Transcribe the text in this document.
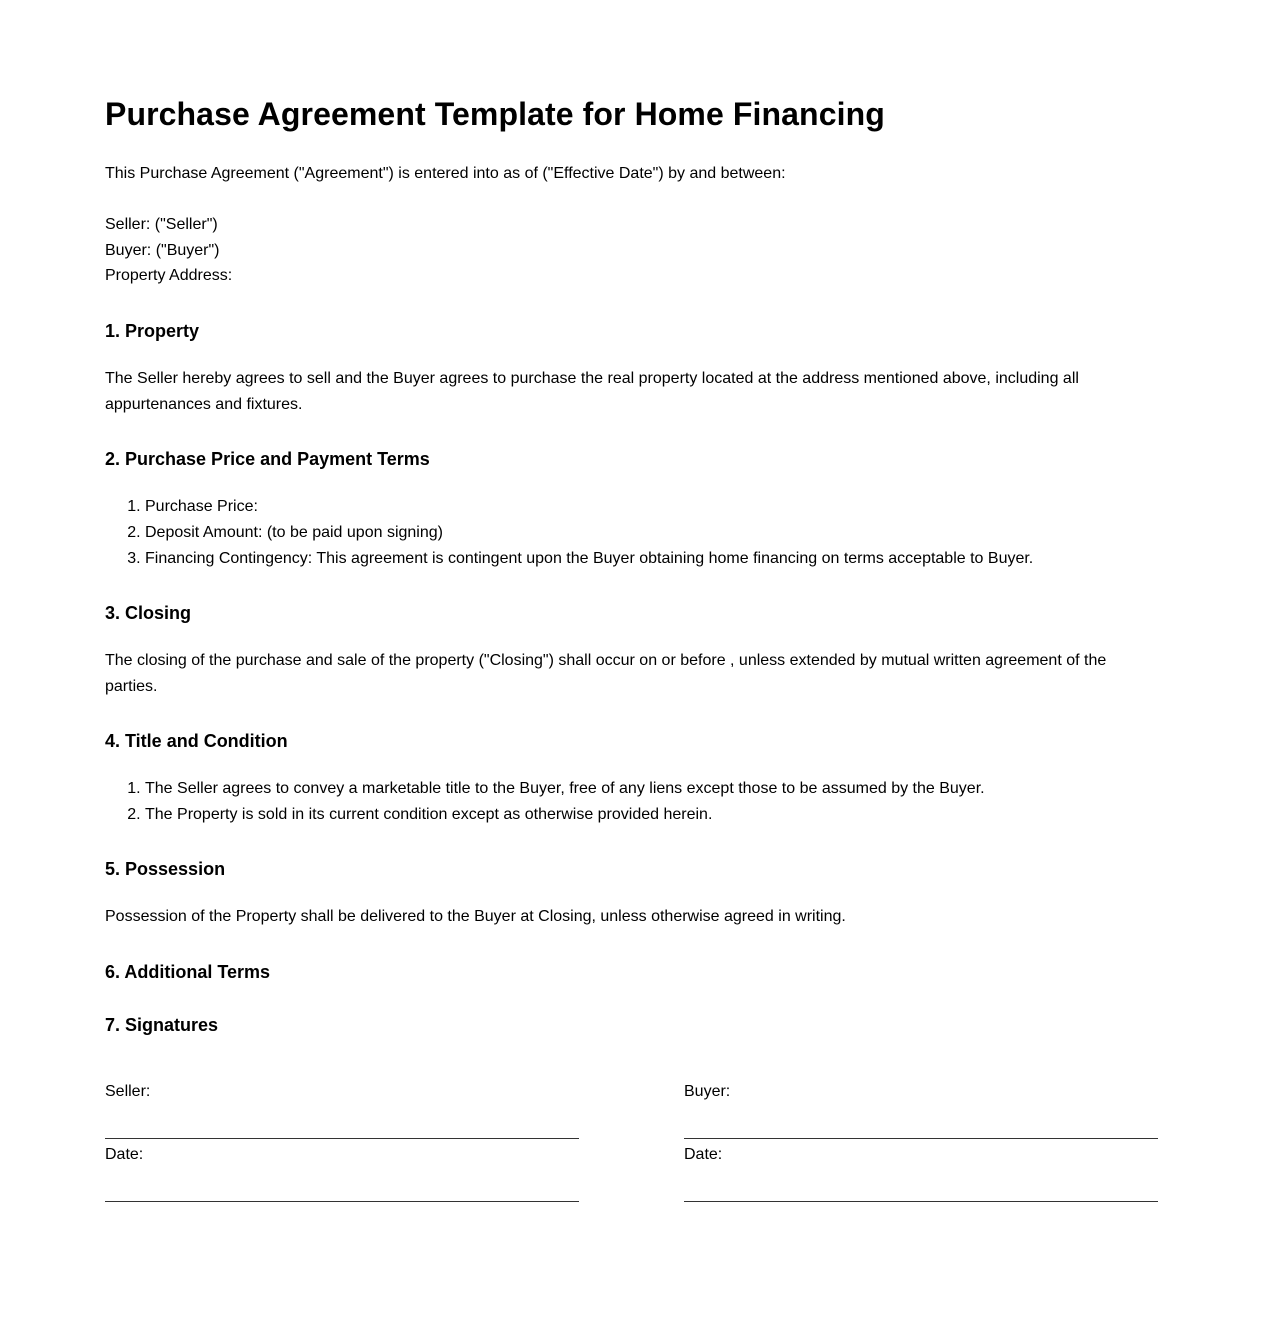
Purchase Agreement Template for Home Financing

This Purchase Agreement ("Agreement") is entered into as of ("Effective Date") by and between:

Seller: ("Seller")

Buyer: ("Buyer")

Property Address:

1. Property

The Seller hereby agrees to sell and the Buyer agrees to purchase the real property located at the address mentioned above, including all appurtenances and fixtures.

2. Purchase Price and Payment Terms
1. Purchase Price:
2. Deposit Amount: (to be paid upon signing)
3. Financing Contingency: This agreement is contingent upon the Buyer obtaining home financing on terms acceptable to Buyer.
3. Closing

The closing of the purchase and sale of the property ("Closing") shall occur on or before , unless extended by mutual written agreement of the parties.

4. Title and Condition
1. The Seller agrees to convey a marketable title to the Buyer, free of any liens except those to be assumed by the Buyer.
2. The Property is sold in its current condition except as otherwise provided herein.
5. Possession

Possession of the Property shall be delivered to the Buyer at Closing, unless otherwise agreed in writing.

6. Additional Terms
7. Signatures
Seller:
Date:
Buyer:
Date:
